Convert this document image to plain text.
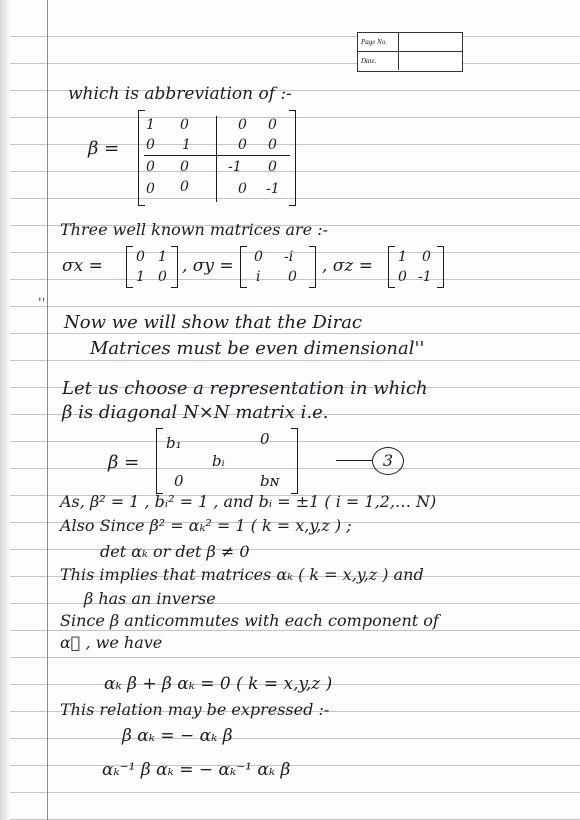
Page No.
Date.
which is abbreviation of :-
β =
1 0	0 0
0 1	0 0
0 0	-1 0
0 0	0 -1
Three well known matrices are :-
σx = 0 1
1 0
, σy = 0 -i
i 0
, σz = 1 0
0 -1
''
Now we will show that the Dirac
Matrices must be even dimensional''
Let us choose a representation in which
β is diagonal N×N matrix i.e.
β =
b₁	0
bᵢ
0	bɴ
3
As, β² = 1 , bᵢ² = 1 , and bᵢ = ±1 ( i = 1,2,… N)
Also Since β² = αₖ² = 1 ( k = x,y,z ) ;
det αₖ or det β ≠ 0
This implies that matrices αₖ ( k = x,y,z ) and
β has an inverse
Since β anticommutes with each component of
α⃗ , we have
αₖ β + β αₖ = 0 ( k = x,y,z )
This relation may be expressed :-
β αₖ = − αₖ β
αₖ⁻¹ β αₖ = − αₖ⁻¹ αₖ β
